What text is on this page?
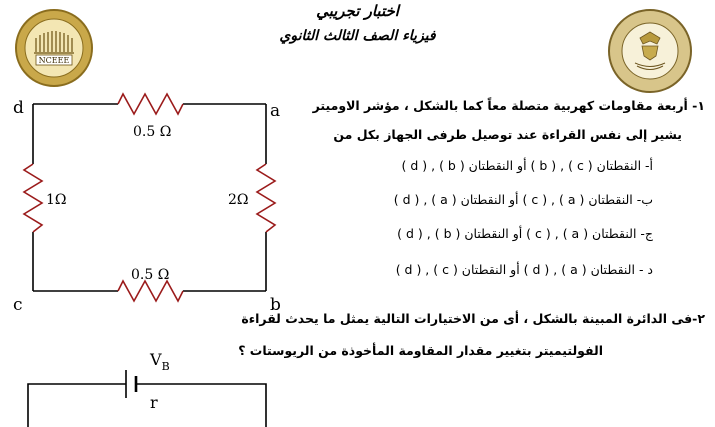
اختبار تجريبي
فيزياء الصف الثالث الثانوي
NCEEE
d	a
c	b
0.5 Ω
1Ω	2Ω
0.5 Ω
١- أربعة مقاومات كهربية متصلة معاً كما بالشكل ، مؤشر الاوميتر
يشير إلى نفس القراءة عند توصيل طرفى الجهاز بكل من
أ- النقطتان ( c ) , ( b ) أو النقطتان ( b ) , ( d )
ب- النقطتان ( a ) , ( c ) أو النقطتان ( a ) , ( d )
ج- النقطتان ( a ) , ( c ) أو النقطتان ( b ) , ( d )
د - النقطتان ( a ) , ( d ) أو النقطتان ( c ) , ( d )
٢-فى الدائرة المبينة بالشكل ، أى من الاختيارات التالية يمثل ما يحدث لقراءة
الفولتيميتر بتغيير مقدار المقاومة المأخوذة من الريوستات ؟
$V_B$
r
